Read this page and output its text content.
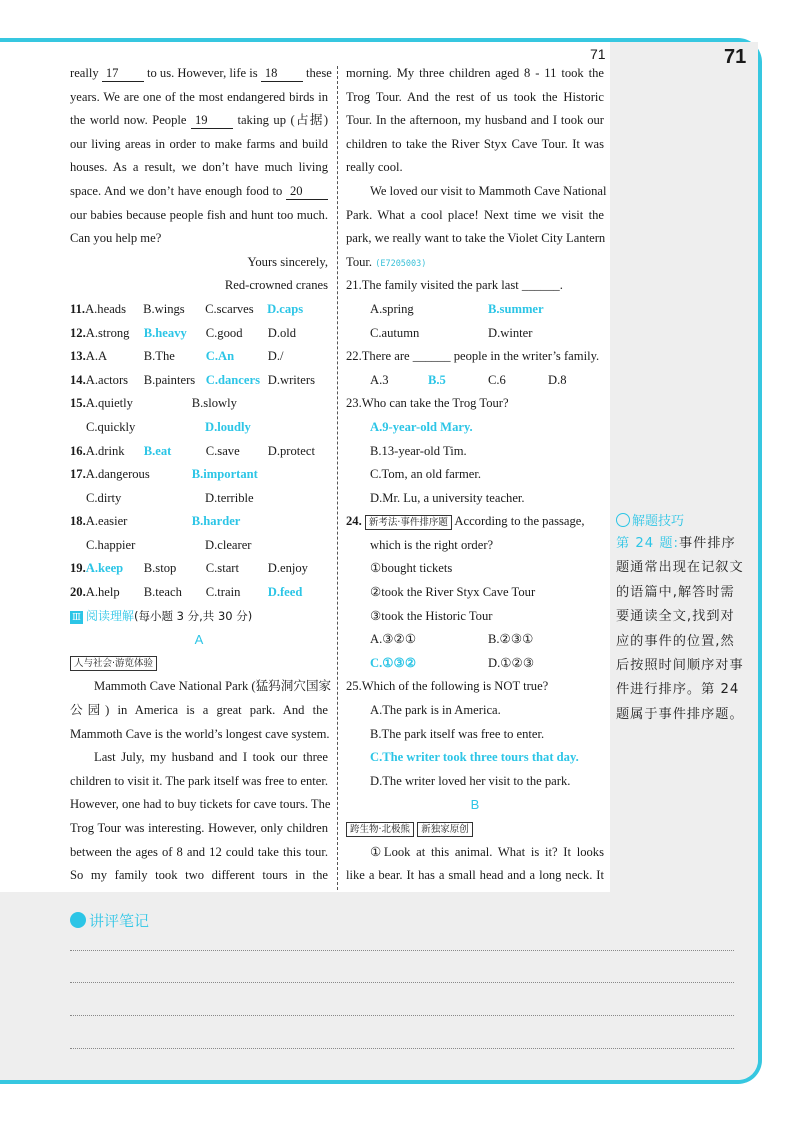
71	71
really 17 to us. However, life is 18 these
years. We are one of the most endangered birds in
the world now. People 19 taking up (占据)
our living areas in order to make farms and build
houses. As a result, we don’t have much living
space. And we don’t have enough food to 20
our babies because people fish and hunt too much.
Can you help me?
Yours sincerely,
Red-crowned cranes
11.A.heads B.wings C.scarves D.caps
12.A.strong B.heavy C.good D.old
13.A.A	B.The C.An	D./
14.A.actors B.painters C.dancers D.writers
15.A.quietly	B.slowly
C.quickly	D.loudly
16.A.drink B.eat	C.save D.protect
17.A.dangerous	B.important
C.dirty	D.terrible
18.A.easier	B.harder
C.happier	D.clearer
19.A.keep B.stop C.start D.enjoy
20.A.help B.teach C.train D.feed
Ⅲ 阅读理解(每小题 3 分,共 30 分)
A
人与社会·游览体验
Mammoth Cave National Park (猛犸洞穴国家
公园) in America is a great park. And the
Mammoth Cave is the world’s longest cave system.
Last July, my husband and I took our three
children to visit it. The park itself was free to enter.
However, one had to buy tickets for cave tours. The
Trog Tour was interesting. However, only children
between the ages of 8 and 12 could take this tour.
So my family took two different tours in the
morning. My three children aged 8 - 11 took the
Trog Tour. And the rest of us took the Historic
Tour. In the afternoon, my husband and I took our
children to take the River Styx Cave Tour. It was
really cool.
We loved our visit to Mammoth Cave National
Park. What a cool place! Next time we visit the
park, we really want to take the Violet City Lantern
Tour. (E7205003)
21.The family visited the park last ______.
A.spring	B.summer
C.autumn	D.winter
22.There are ______ people in the writer’s family.
A.3	B.5	C.6	D.8
23.Who can take the Trog Tour?
A.9-year-old Mary.
B.13-year-old Tim.
C.Tom, an old farmer.
D.Mr. Lu, a university teacher.
24. 新考法·事件排序题 According to the passage,
which is the right order?
①bought tickets
②took the River Styx Cave Tour
③took the Historic Tour
A.③②①	B.②③①
C.①③②	D.①②③
25.Which of the following is NOT true?
A.The park is in America.
B.The park itself was free to enter.
C.The writer took three tours that day.
D.The writer loved her visit to the park.
B
跨生物·北极熊 新独家原创
①Look at this animal. What is it? It looks
like a bear. It has a small head and a long neck. It
解题技巧
第 24 题:事件排序题通常出现在记叙文的语篇中,解答时需要通读全文,找到对应的事件的位置,然后按照时间顺序对事件进行排序。第 24 题属于事件排序题。
讲评笔记
